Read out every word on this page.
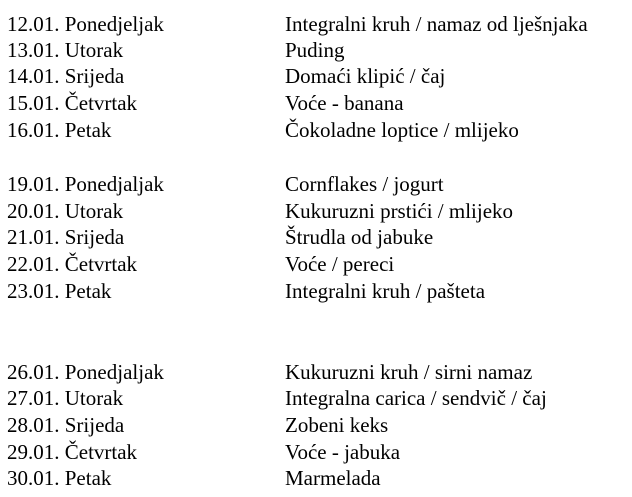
12.01. Ponedjeljak	Integralni kruh / namaz od lješnjaka
13.01. Utorak	Puding
14.01. Srijeda	Domaći klipić / čaj
15.01. Četvrtak	Voće - banana
16.01. Petak	Čokoladne loptice / mlijeko
19.01. Ponedjaljak	Cornflakes / jogurt
20.01. Utorak	Kukuruzni prstići / mlijeko
21.01. Srijeda	Štrudla od jabuke
22.01. Četvrtak	Voće / pereci
23.01. Petak	Integralni kruh / pašteta
26.01. Ponedjaljak	Kukuruzni kruh / sirni namaz
27.01. Utorak	Integralna carica / sendvič / čaj
28.01. Srijeda	Zobeni keks
29.01. Četvrtak	Voće - jabuka
30.01. Petak	Marmelada
